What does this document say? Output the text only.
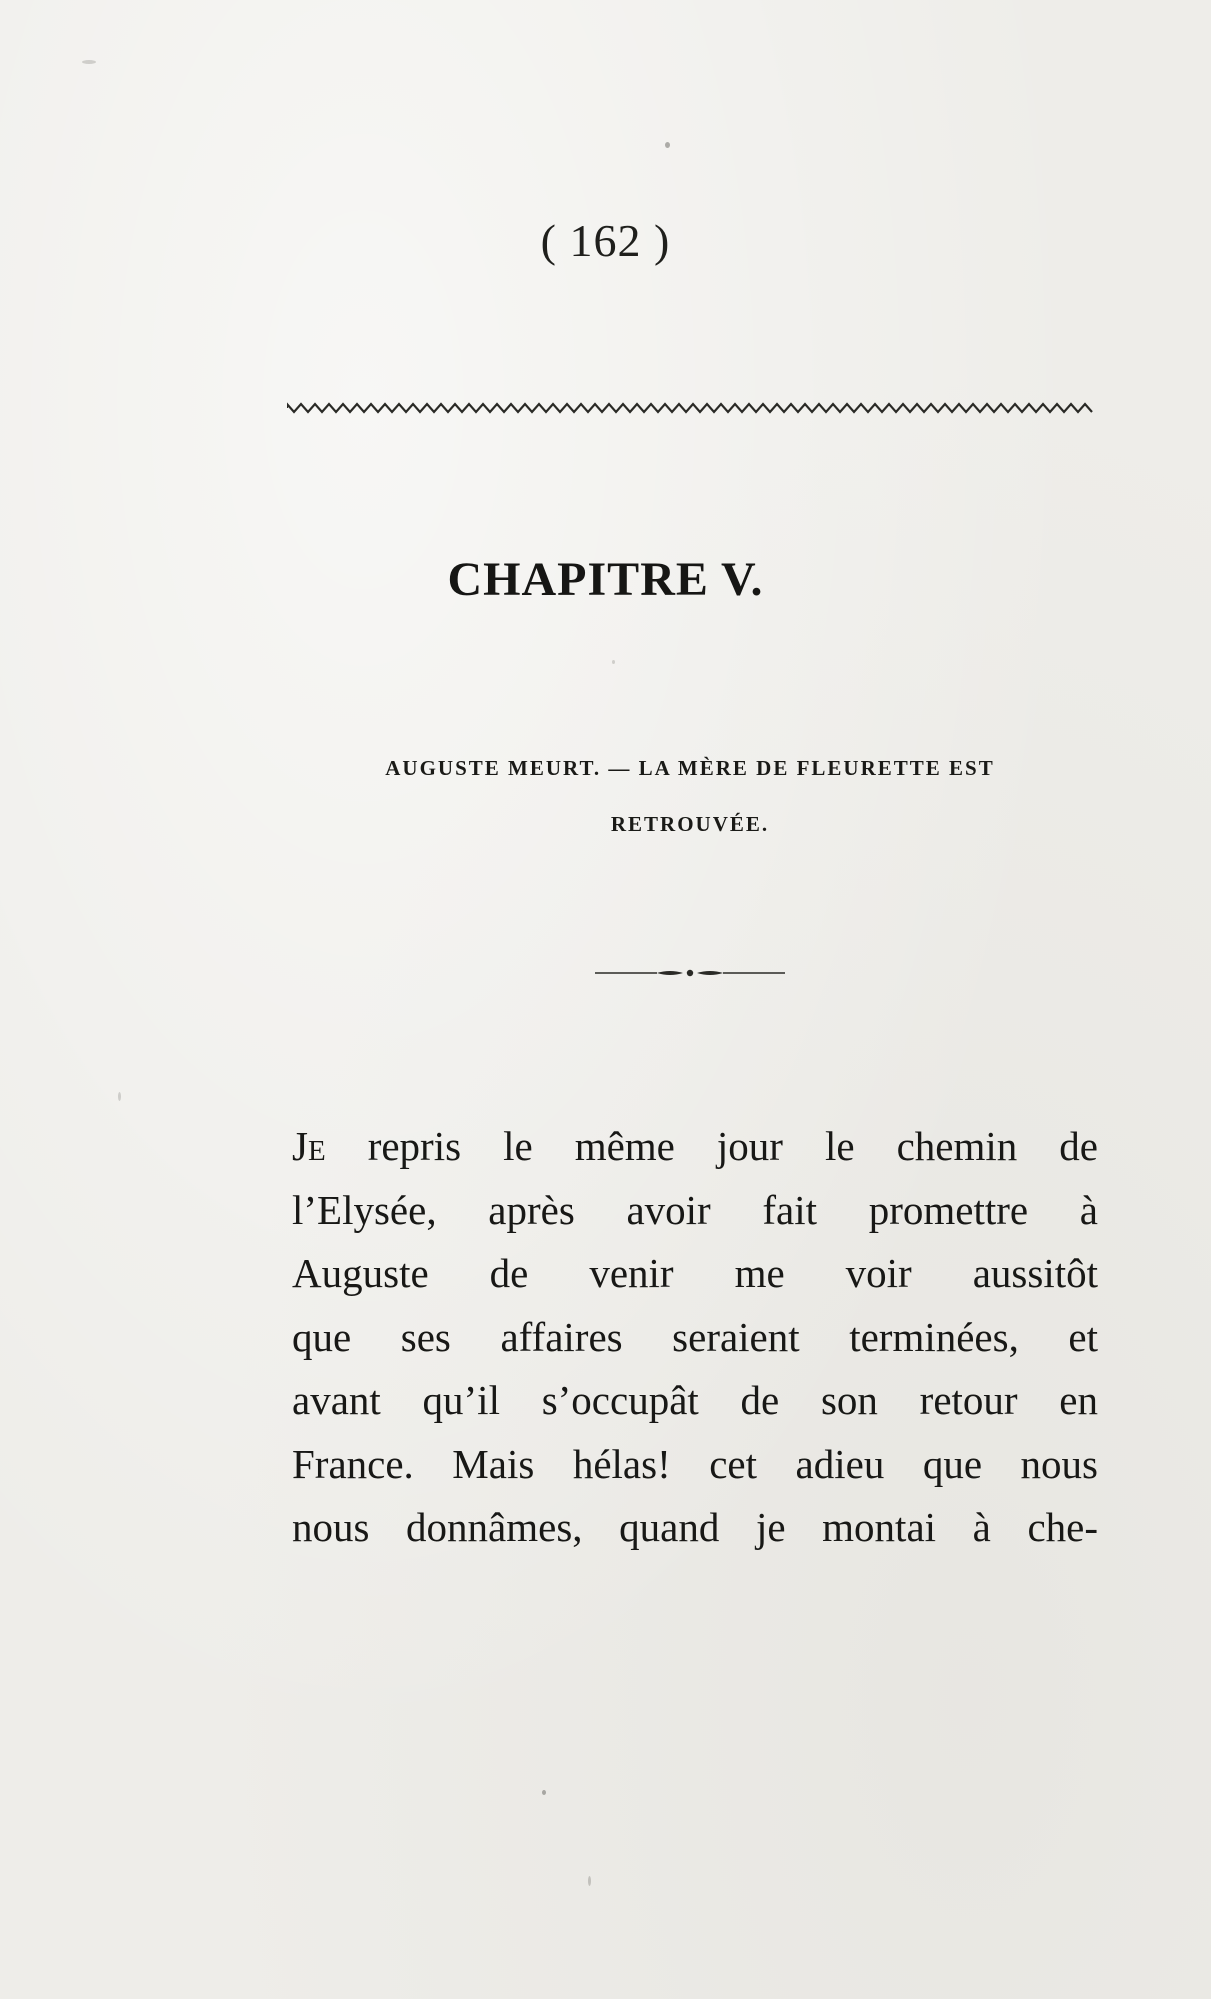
( 162 )
CHAPITRE V.
AUGUSTE MEURT. — LA MÈRE DE FLEURETTE EST
RETROUVÉE.
Je repris le même jour le chemin de
l’Elysée, après avoir fait promettre à
Auguste de venir me voir aussitôt
que ses affaires seraient terminées, et
avant qu’il s’occupât de son retour en
France. Mais hélas! cet adieu que nous
nous donnâmes, quand je montai à che-
